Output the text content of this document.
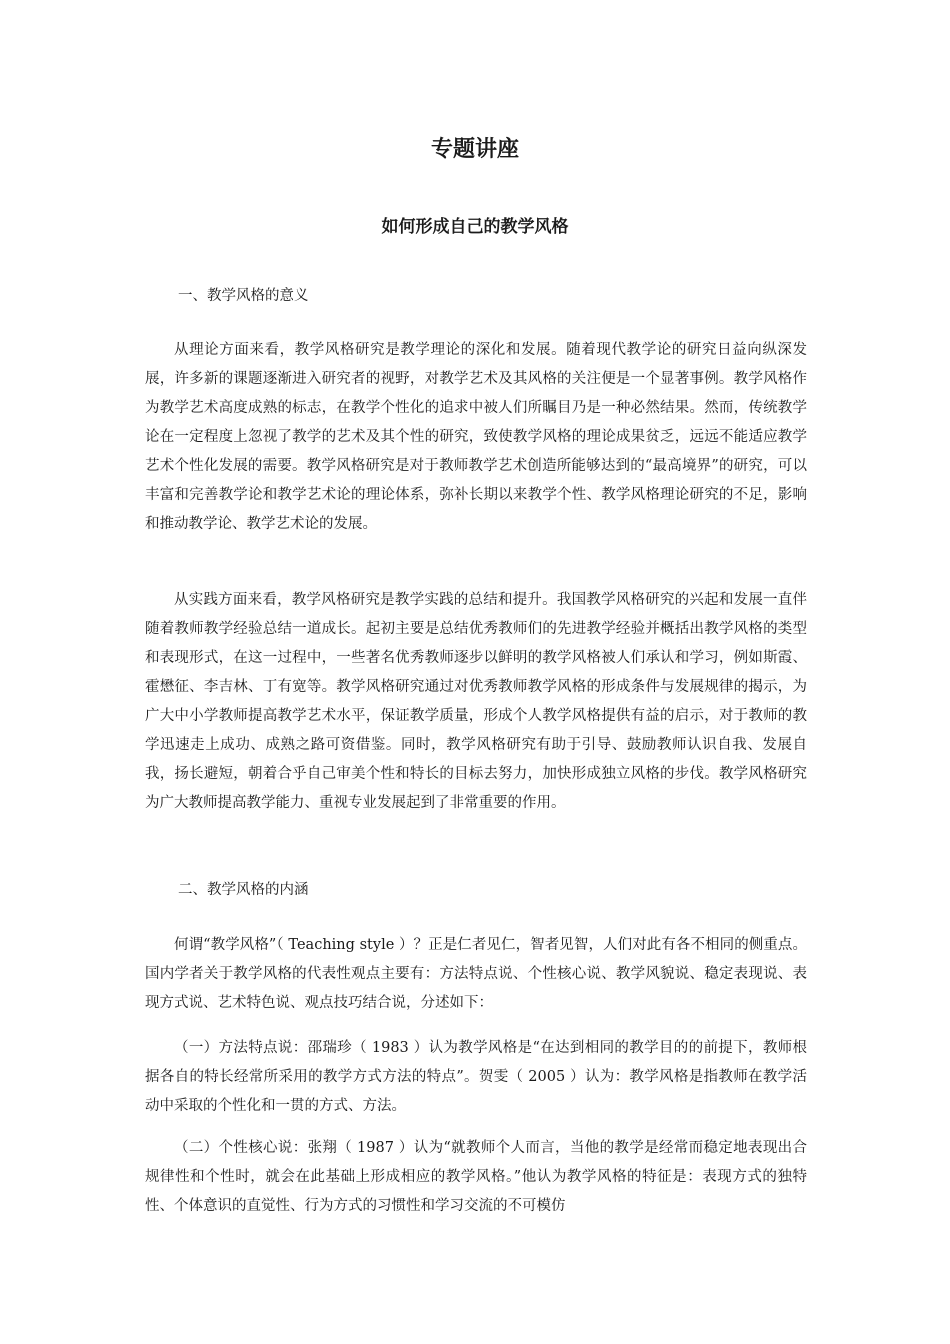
专题讲座
如何形成自己的教学风格
一、教学风格的意义

从理论方面来看，教学风格研究是教学理论的深化和发展。随着现代教学论的研究日益向纵深发展，许多新的课题逐渐进入研究者的视野，对教学艺术及其风格的关注便是一个显著事例。教学风格作为教学艺术高度成熟的标志，在教学个性化的追求中被人们所瞩目乃是一种必然结果。然而，传统教学论在一定程度上忽视了教学的艺术及其个性的研究，致使教学风格的理论成果贫乏，远远不能适应教学艺术个性化发展的需要。教学风格研究是对于教师教学艺术创造所能够达到的“最高境界”的研究，可以丰富和完善教学论和教学艺术论的理论体系，弥补长期以来教学个性、教学风格理论研究的不足，影响和推动教学论、教学艺术论的发展。

从实践方面来看，教学风格研究是教学实践的总结和提升。我国教学风格研究的兴起和发展一直伴随着教师教学经验总结一道成长。起初主要是总结优秀教师们的先进教学经验并概括出教学风格的类型和表现形式，在这一过程中，一些著名优秀教师逐步以鲜明的教学风格被人们承认和学习，例如斯霞、霍懋征、李吉林、丁有宽等。教学风格研究通过对优秀教师教学风格的形成条件与发展规律的揭示，为广大中小学教师提高教学艺术水平，保证教学质量，形成个人教学风格提供有益的启示，对于教师的教学迅速走上成功、成熟之路可资借鉴。同时，教学风格研究有助于引导、鼓励教师认识自我、发展自我，扬长避短，朝着合乎自己审美个性和特长的目标去努力，加快形成独立风格的步伐。教学风格研究为广大教师提高教学能力、重视专业发展起到了非常重要的作用。

二、教学风格的内涵

何谓“教学风格”（ Teaching style ）？正是仁者见仁，智者见智，人们对此有各不相同的侧重点。国内学者关于教学风格的代表性观点主要有：方法特点说、个性核心说、教学风貌说、稳定表现说、表现方式说、艺术特色说、观点技巧结合说，分述如下：

（一）方法特点说：邵瑞珍（ 1983 ）认为教学风格是“在达到相同的教学目的的前提下，教师根据各自的特长经常所采用的教学方式方法的特点”。贺雯（ 2005 ）认为：教学风格是指教师在教学活动中采取的个性化和一贯的方式、方法。

（二）个性核心说：张翔（ 1987 ）认为“就教师个人而言，当他的教学是经常而稳定地表现出合规律性和个性时，就会在此基础上形成相应的教学风格。”他认为教学风格的特征是：表现方式的独特性、个体意识的直觉性、行为方式的习惯性和学习交流的不可模仿
